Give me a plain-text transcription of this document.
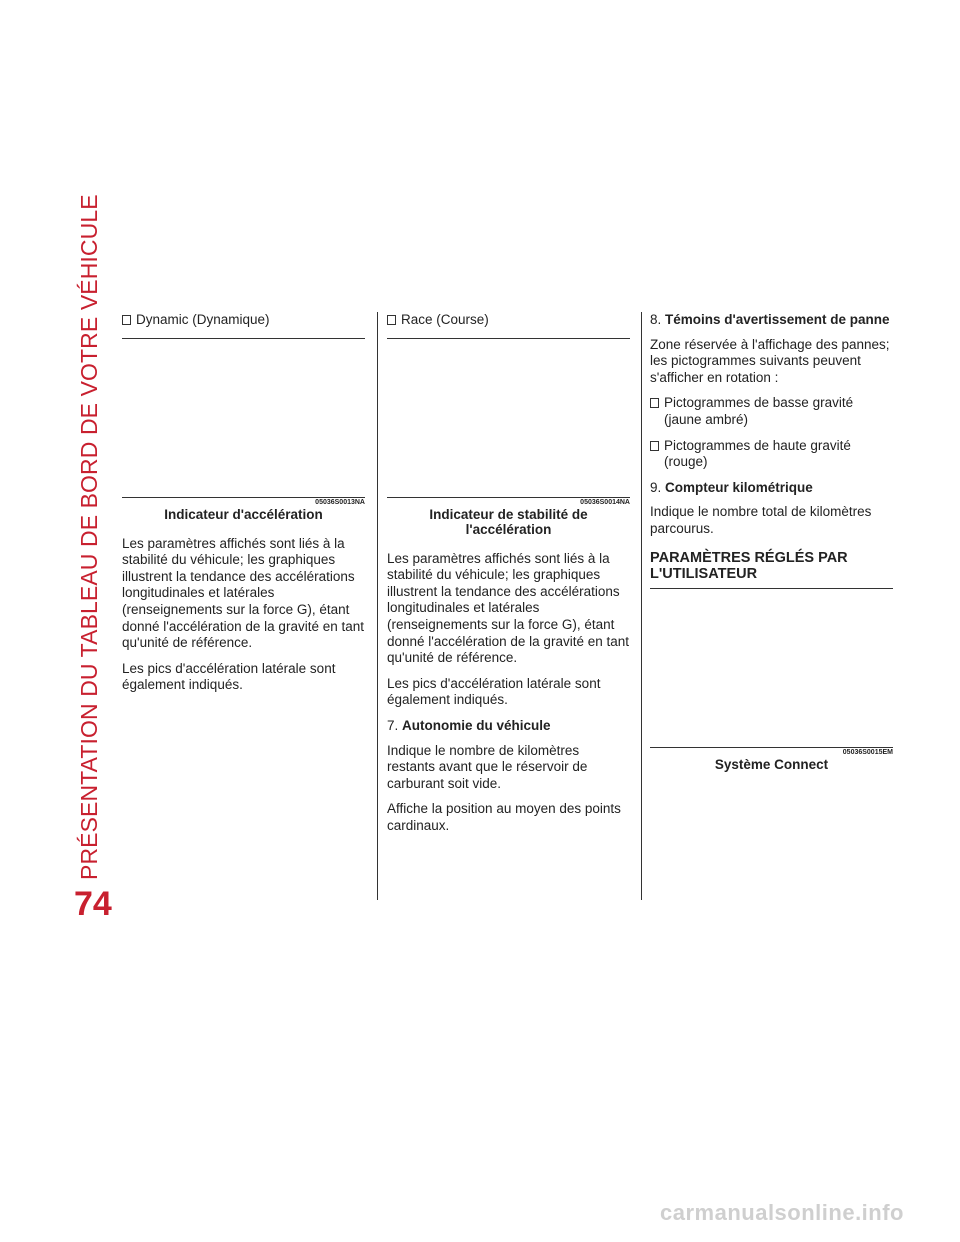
PRÉSENTATION DU TABLEAU DE BORD DE VOTRE VÉHICULE
74
Dynamic (Dynamique)
05036S0013NA
Indicateur d'accélération

Les paramètres affichés sont liés à la stabilité du véhicule; les graphiques illustrent la tendance des accélérations longitudinales et latérales (renseignements sur la force G), étant donné l'accélération de la gravité en tant qu'unité de référence.

Les pics d'accélération latérale sont également indiqués.

Race (Course)
05036S0014NA
Indicateur de stabilité de
l'accélération

Les paramètres affichés sont liés à la stabilité du véhicule; les graphiques illustrent la tendance des accélérations longitudinales et latérales (renseignements sur la force G), étant donné l'accélération de la gravité en tant qu'unité de référence.

Les pics d'accélération latérale sont également indiqués.

7. Autonomie du véhicule

Indique le nombre de kilomètres restants avant que le réservoir de carburant soit vide.

Affiche la position au moyen des points cardinaux.

8. Témoins d'avertissement de panne

Zone réservée à l'affichage des pannes; les pictogrammes suivants peuvent s'afficher en rotation :

Pictogrammes de basse gravité (jaune ambré)
Pictogrammes de haute gravité (rouge)
9. Compteur kilométrique

Indique le nombre total de kilomètres parcourus.

PARAMÈTRES RÉGLÉS PAR
L'UTILISATEUR
05036S0015EM
Système Connect
carmanualsonline.info
